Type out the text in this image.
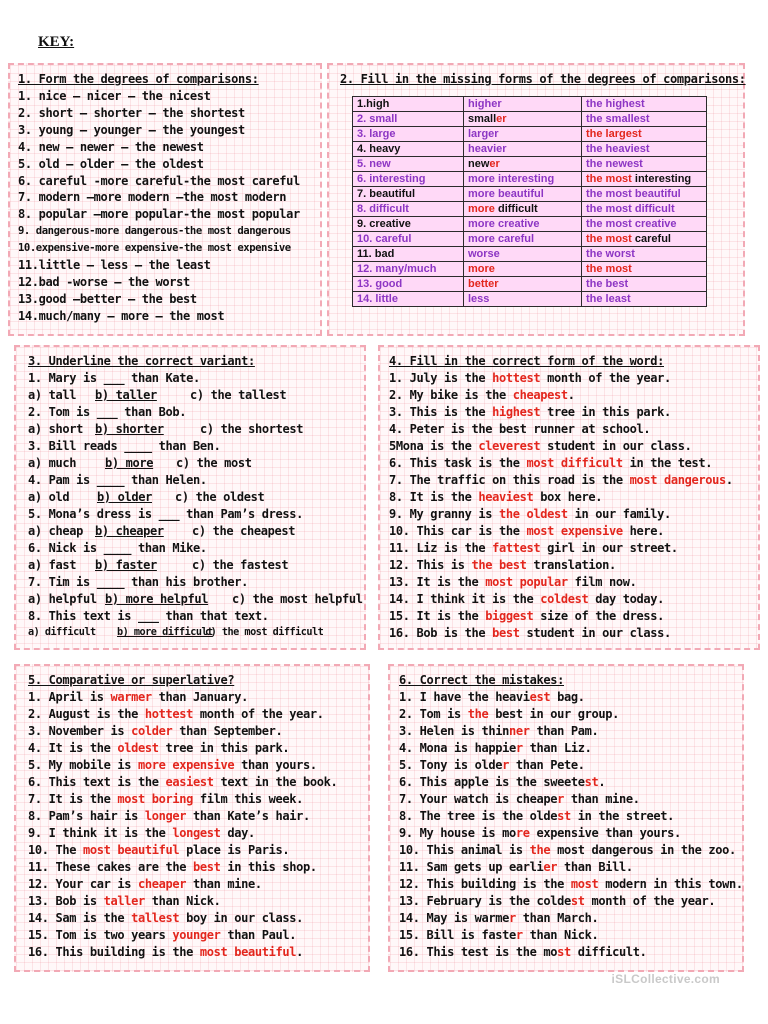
KEY:
1. Form the degrees of comparisons:
1. nice – nicer – the nicest
2. short – shorter – the shortest
3. young – younger – the youngest
4. new – newer – the newest
5. old – older – the oldest
6. careful -more careful-the most careful
7. modern –more modern –the most modern
8. popular –more popular-the most popular
9. dangerous-more dangerous-the most dangerous
10.expensive-more expensive-the most expensive
11.little – less – the least
12.bad -worse – the worst
13.good –better – the best
14.much/many – more – the most
2. Fill in the missing forms of the degrees of comparisons:
1.high	higher	the highest
2. small	smaller	the smallest
3. large	larger	the largest
4. heavy	heavier	the heaviest
5. new	newer	the newest
6. interesting	more interesting	the most interesting
7. beautiful	more beautiful	the most beautiful
8. difficult	more difficult	the most difficult
9. creative	more creative	the most creative
10. careful	more careful	the most careful
11. bad	worse	the worst
12. many/much	more	the most
13. good	better	the best
14. little	less	the least
3. Underline the correct variant:
1. Mary is ___ than Kate.
a) tall b) taller	c) the tallest
2. Tom is ___ than Bob.
a) short b) shorter	c) the shortest
3. Bill reads ____ than Ben.
a) much b) more c) the most
4. Pam is ____ than Helen.
a) old b) older c) the oldest
5. Mona’s dress is ___ than Pam’s dress.
a) cheap b) cheaper c) the cheapest
6. Nick is ____ than Mike.
a) fast b) faster	c) the fastest
7. Tim is ____ than his brother.
a) helpful b) more helpful c) the most helpful
8. This text is ___ than that text.
a) difficult b) more difficult
c) the most difficult
4. Fill in the correct form of the word:
1. July is the hottest month of the year.
2. My bike is the cheapest.
3. This is the highest tree in this park.
4. Peter is the best runner at school.
5Mona is the cleverest student in our class.
6. This task is the most difficult in the test.
7. The traffic on this road is the most dangerous.
8. It is the heaviest box here.
9. My granny is the oldest in our family.
10. This car is the most expensive here.
11. Liz is the fattest girl in our street.
12. This is the best translation.
13. It is the most popular film now.
14. I think it is the coldest day today.
15. It is the biggest size of the dress.
16. Bob is the best student in our class.
5. Comparative or superlative?
1. April is warmer than January.
2. August is the hottest month of the year.
3. November is colder than September.
4. It is the oldest tree in this park.
5. My mobile is more expensive than yours.
6. This text is the easiest text in the book.
7. It is the most boring film this week.
8. Pam’s hair is longer than Kate’s hair.
9. I think it is the longest day.
10. The most beautiful place is Paris.
11. These cakes are the best in this shop.
12. Your car is cheaper than mine.
13. Bob is taller than Nick.
14. Sam is the tallest boy in our class.
15. Tom is two years younger than Paul.
16. This building is the most beautiful.
6. Correct the mistakes:
1. I have the heaviest bag.
2. Tom is the best in our group.
3. Helen is thinner than Pam.
4. Mona is happier than Liz.
5. Tony is older than Pete.
6. This apple is the sweetest.
7. Your watch is cheaper than mine.
8. The tree is the oldest in the street.
9. My house is more expensive than yours.
10. This animal is the most dangerous in the zoo.
11. Sam gets up earlier than Bill.
12. This building is the most modern in this town.
13. February is the coldest month of the year.
14. May is warmer than March.
15. Bill is faster than Nick.
16. This test is the most difficult.
iSLCollective.com
